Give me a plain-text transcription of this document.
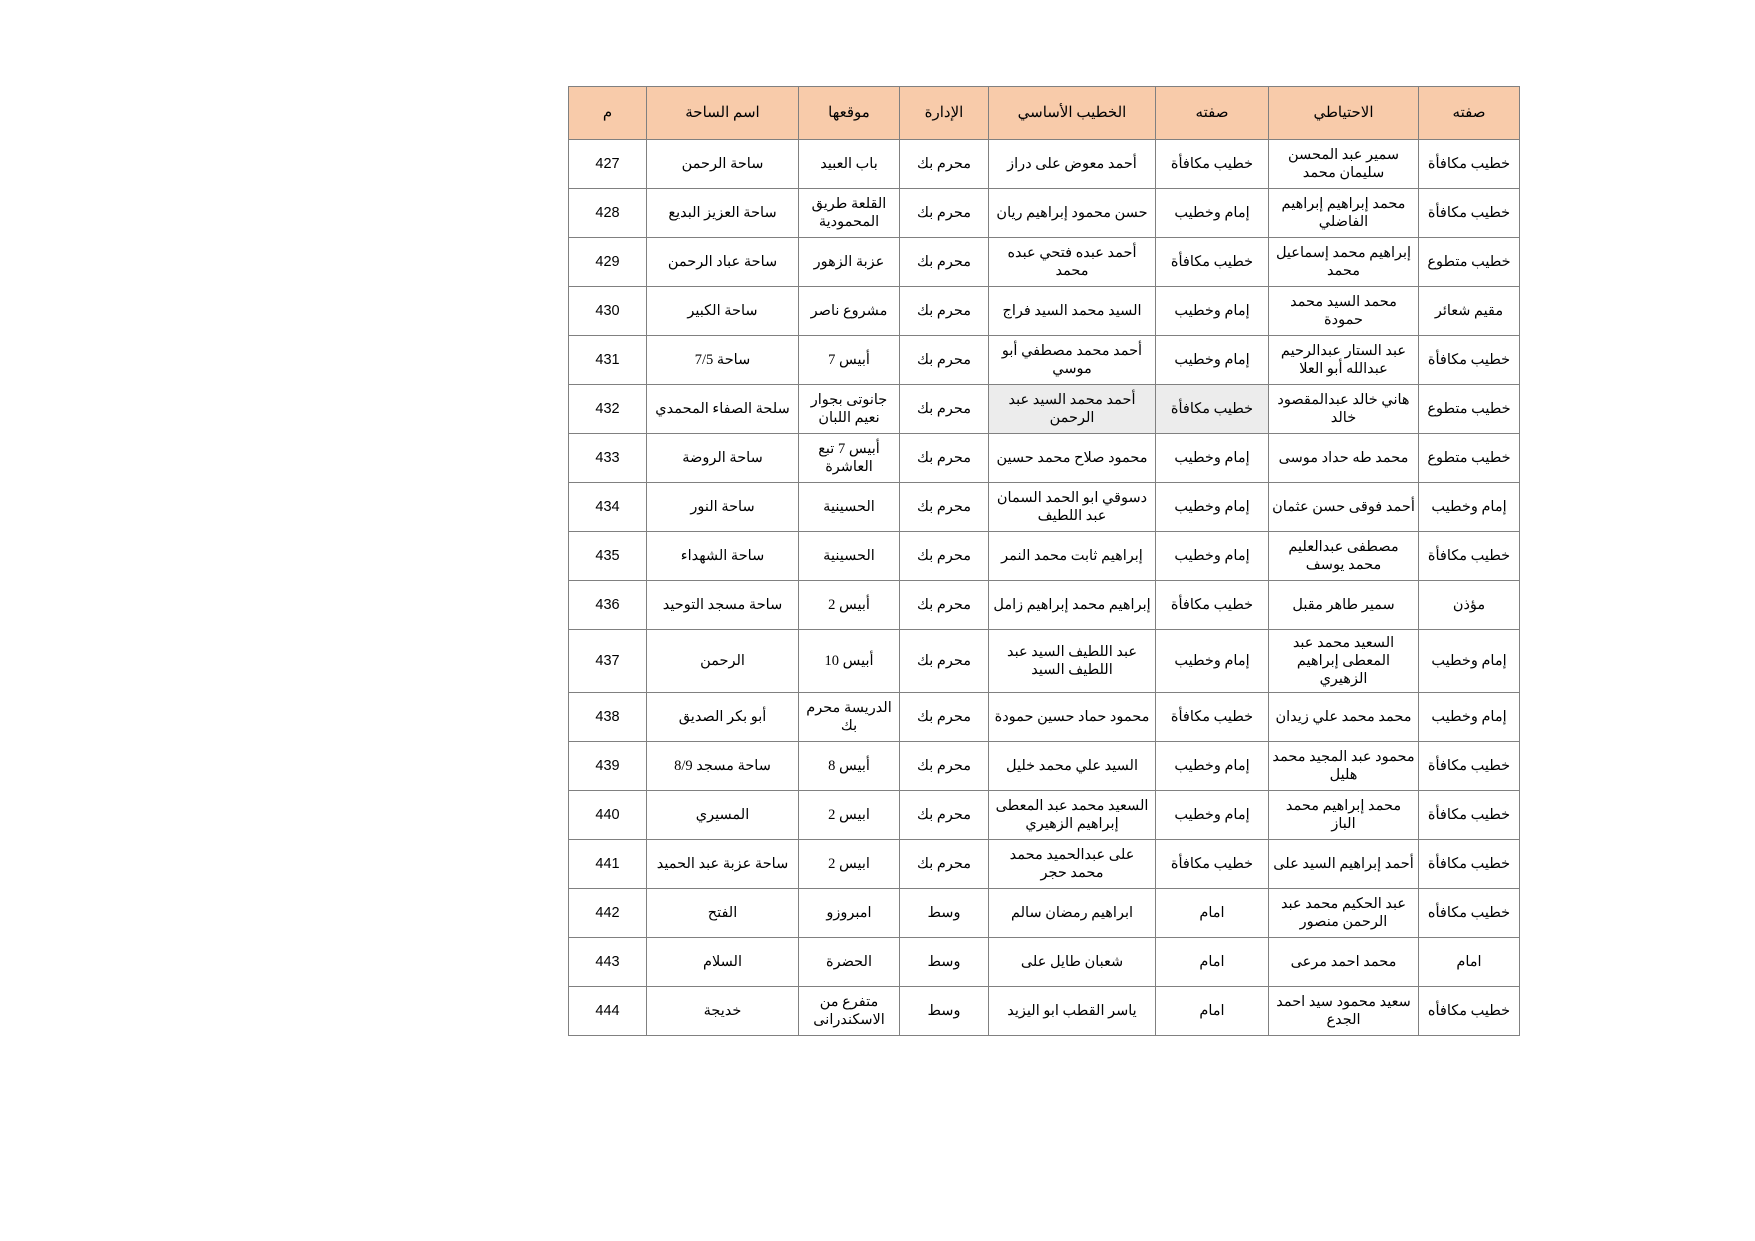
صفته	الاحتياطي	صفته	الخطيب الأساسي	الإدارة	موقعها	اسم الساحة	م
خطيب مكافأة	سمير عبد المحسن سليمان محمد	خطيب مكافأة	أحمد معوض على دراز	محرم بك	باب العبيد	ساحة الرحمن	427
خطيب مكافأة	محمد إبراهيم إبراهيم الفاضلي	إمام وخطيب	حسن محمود إبراهيم ريان	محرم بك	القلعة طريق المحمودية	ساحة العزيز البديع	428
خطيب متطوع	إبراهيم محمد إسماعيل محمد	خطيب مكافأة	أحمد عبده فتحي عبده محمد	محرم بك	عزبة الزهور	ساحة عباد الرحمن	429
مقيم شعائر	محمد السيد محمد حمودة	إمام وخطيب	السيد محمد السيد فراج	محرم بك	مشروع ناصر	ساحة الكبير	430
خطيب مكافأة	عبد الستار عبدالرحيم عبدالله أبو العلا	إمام وخطيب	أحمد محمد مصطفي أبو موسي	محرم بك	أبيس 7	ساحة 7/5	431
خطيب متطوع	هاني خالد عبدالمقصود خالد	خطيب مكافأة	أحمد محمد السيد عبد الرحمن	محرم بك	جانوتى بجوار نعيم اللبان	سلحة الصفاء المحمدي	432
خطيب متطوع	محمد طه حداد موسى	إمام وخطيب	محمود صلاح محمد حسين	محرم بك	أبيس 7 تبع العاشرة	ساحة الروضة	433
إمام وخطيب	أحمد فوقى حسن عثمان	إمام وخطيب	دسوقي ابو الحمد السمان عبد اللطيف	محرم بك	الحسينية	ساحة النور	434
خطيب مكافأة	مصطفى عبدالعليم محمد يوسف	إمام وخطيب	إبراهيم ثابت محمد النمر	محرم بك	الحسينية	ساحة الشهداء	435
مؤذن	سمير طاهر مقبل	خطيب مكافأة	إبراهيم محمد إبراهيم زامل	محرم بك	أبيس 2	ساحة مسجد التوحيد	436
إمام وخطيب	السعيد محمد عبد المعطى إبراهيم الزهيري	إمام وخطيب	عبد اللطيف السيد عبد اللطيف السيد	محرم بك	أبيس 10	الرحمن	437
إمام وخطيب	محمد محمد علي زيدان	خطيب مكافأة	محمود حماد حسين حمودة	محرم بك	الدريسة محرم بك	أبو بكر الصديق	438
خطيب مكافأة	محمود عبد المجيد محمد هليل	إمام وخطيب	السيد علي محمد خليل	محرم بك	أبيس 8	ساحة مسجد 8/9	439
خطيب مكافأة	محمد إبراهيم محمد الباز	إمام وخطيب	السعيد محمد عبد المعطى إبراهيم الزهيري	محرم بك	ابيس 2	المسيري	440
خطيب مكافأة	أحمد إبراهيم السيد على	خطيب مكافأة	على عبدالحميد محمد محمد حجر	محرم بك	ابيس 2	ساحة عزبة عبد الحميد	441
خطيب مكافأه	عبد الحكيم محمد عبد الرحمن منصور	امام	ابراهيم رمضان سالم	وسط	امبروزو	الفتح	442
امام	محمد احمد مرعى	امام	شعبان طايل على	وسط	الحضرة	السلام	443
خطيب مكافأه	سعيد محمود سيد احمد الجدع	امام	ياسر القطب ابو اليزيد	وسط	متفرع من الاسكندرانى	خديجة	444
